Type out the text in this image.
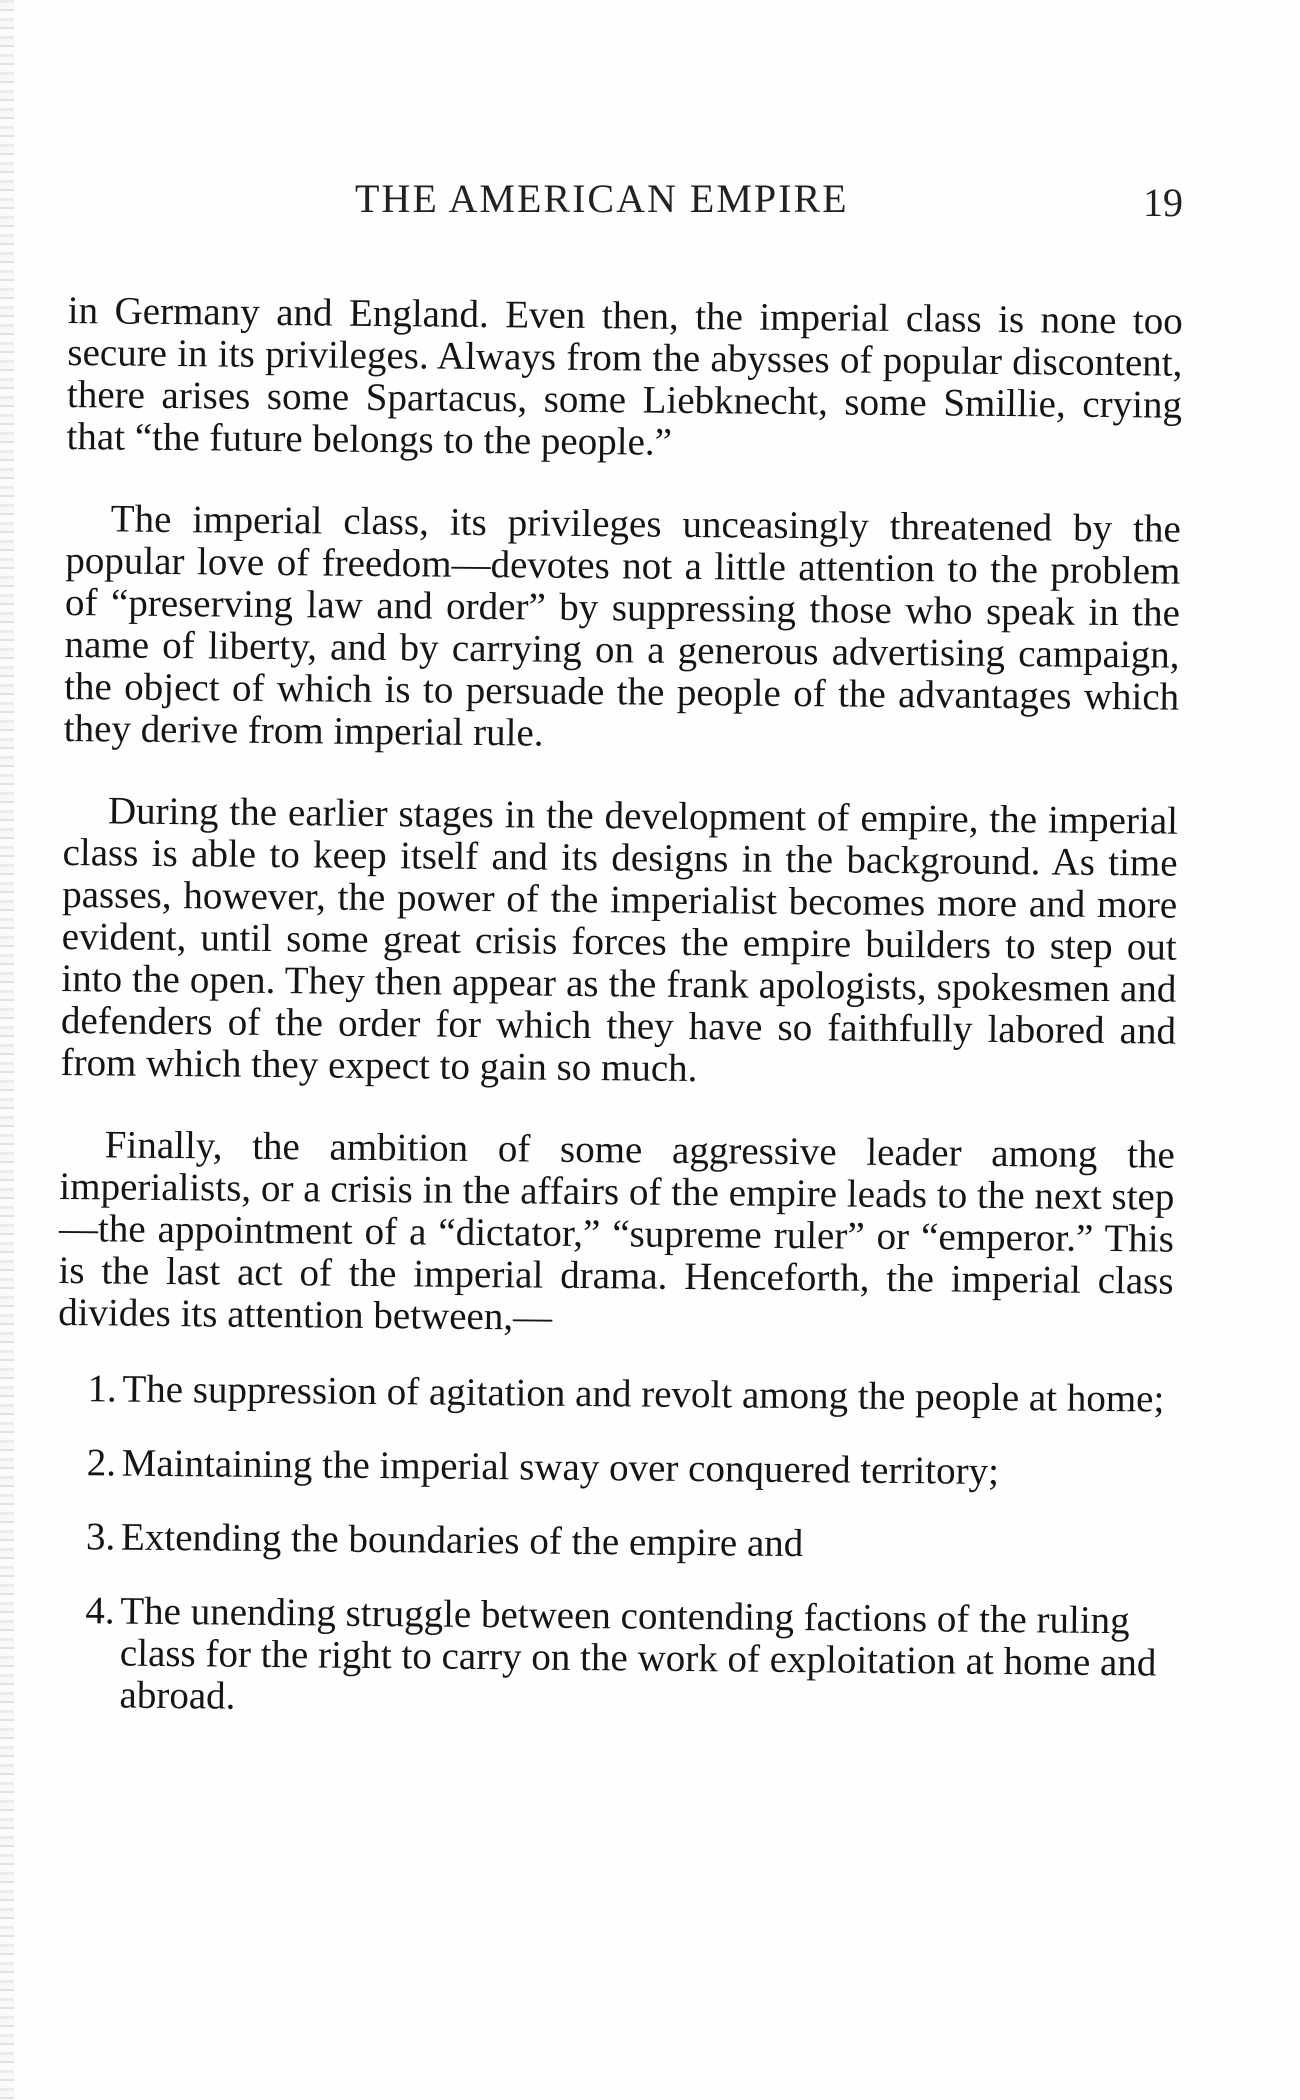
THE AMERICAN EMPIRE	19

in Germany and England. Even then, the imperial class is none too secure in its privileges. Always from the abysses of popular discontent, there arises some Spartacus, some Liebknecht, some Smillie, crying that “the future belongs to the people.”

The imperial class, its privileges unceasingly threatened by the popular love of freedom—devotes not a little attention to the problem of “preserving law and order” by suppressing those who speak in the name of liberty, and by carrying on a generous advertising campaign, the object of which is to persuade the people of the advantages which they derive from imperial rule.

During the earlier stages in the development of empire, the imperial class is able to keep itself and its designs in the background. As time passes, however, the power of the imperialist becomes more and more evident, until some great crisis forces the empire builders to step out into the open. They then appear as the frank apologists, spokesmen and defenders of the order for which they have so faithfully labored and from which they expect to gain so much.

Finally, the ambition of some aggressive leader among the imperialists, or a crisis in the affairs of the empire leads to the next step—the appointment of a “dictator,” “supreme ruler” or “emperor.” This is the last act of the imperial drama. Henceforth, the imperial class divides its attention between,—

1. The suppression of agitation and revolt among the people at home;
2. Maintaining the imperial sway over conquered territory;
3. Extending the boundaries of the empire and
4. The unending struggle between contending factions of the ruling class for the right to carry on the work of exploitation at home and abroad.
